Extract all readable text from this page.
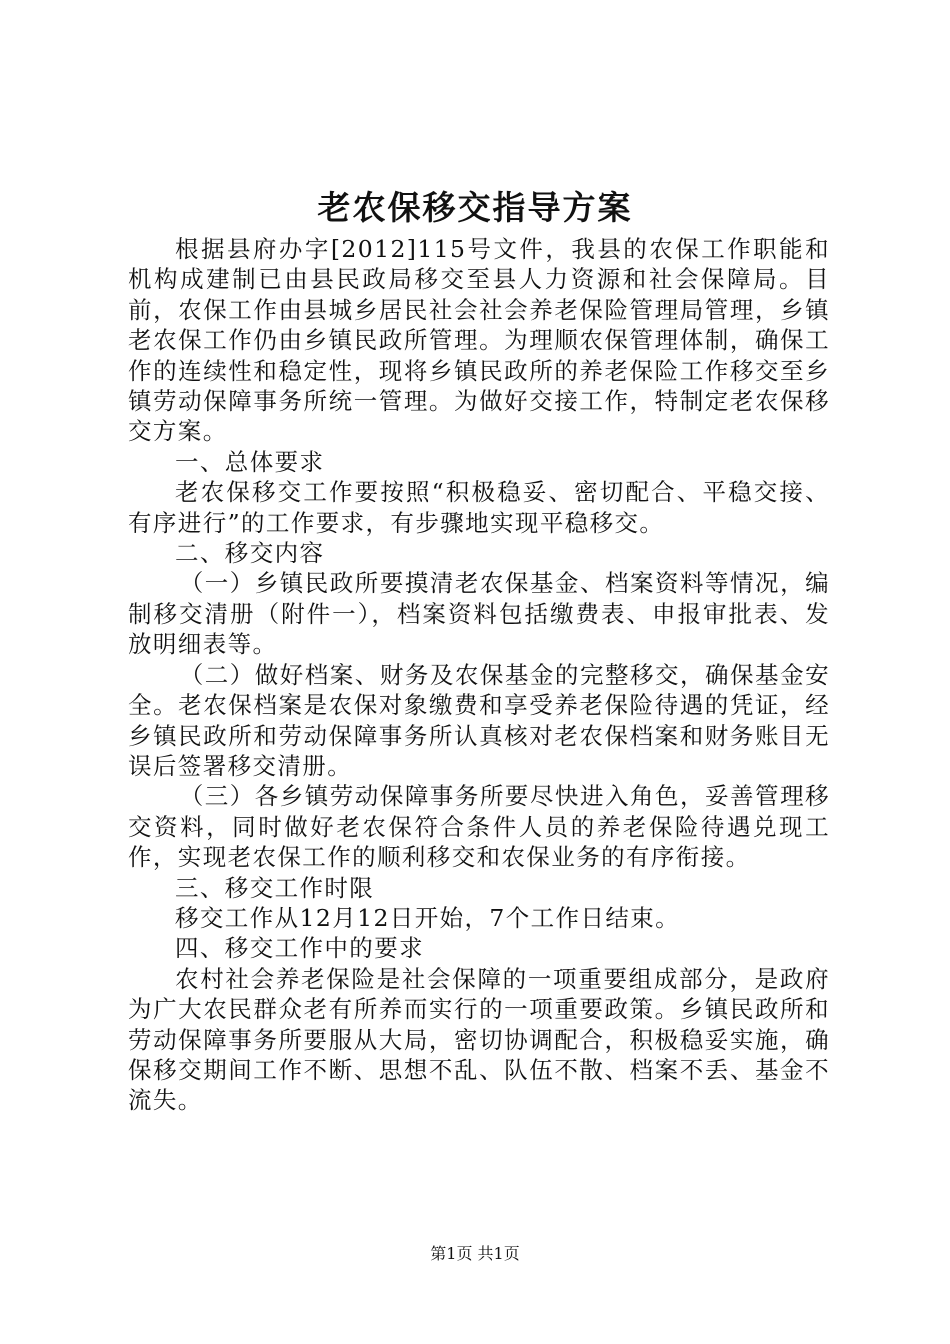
老农保移交指导方案

根据县府办字[2012]115号文件，我县的农保工作职能和机构成建制已由县民政局移交至县人力资源和社会保障局。目前，农保工作由县城乡居民社会社会养老保险管理局管理，乡镇老农保工作仍由乡镇民政所管理。为理顺农保管理体制，确保工作的连续性和稳定性，现将乡镇民政所的养老保险工作移交至乡镇劳动保障事务所统一管理。为做好交接工作，特制定老农保移交方案。

一、总体要求

老农保移交工作要按照“积极稳妥、密切配合、平稳交接、有序进行”的工作要求，有步骤地实现平稳移交。

二、移交内容

（一）乡镇民政所要摸清老农保基金、档案资料等情况，编制移交清册（附件一），档案资料包括缴费表、申报审批表、发放明细表等。

（二）做好档案、财务及农保基金的完整移交，确保基金安全。老农保档案是农保对象缴费和享受养老保险待遇的凭证，经乡镇民政所和劳动保障事务所认真核对老农保档案和财务账目无误后签署移交清册。

（三）各乡镇劳动保障事务所要尽快进入角色，妥善管理移交资料，同时做好老农保符合条件人员的养老保险待遇兑现工作，实现老农保工作的顺利移交和农保业务的有序衔接。

三、移交工作时限

移交工作从12月12日开始，7个工作日结束。

四、移交工作中的要求

农村社会养老保险是社会保障的一项重要组成部分，是政府为广大农民群众老有所养而实行的一项重要政策。乡镇民政所和劳动保障事务所要服从大局，密切协调配合，积极稳妥实施，确保移交期间工作不断、思想不乱、队伍不散、档案不丢、基金不流失。

第1页 共1页
